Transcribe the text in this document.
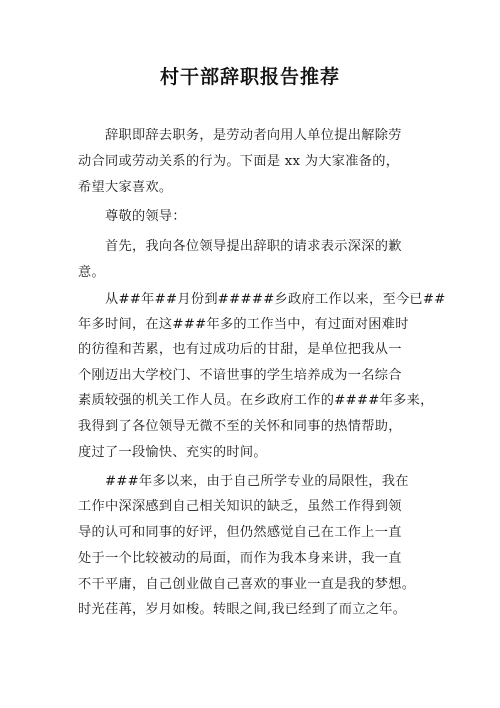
村干部辞职报告推荐
　　辞职即辞去职务，是劳动者向用人单位提出解除劳
动合同或劳动关系的行为。下面是 xx 为大家准备的，
希望大家喜欢。
　　尊敬的领导：
　　首先，我向各位领导提出辞职的请求表示深深的歉
意。
　　从##年##月份到#####乡政府工作以来，至今已##
年多时间，在这###年多的工作当中，有过面对困难时
的彷徨和苦累，也有过成功后的甘甜，是单位把我从一
个刚迈出大学校门、不谙世事的学生培养成为一名综合
素质较强的机关工作人员。在乡政府工作的####年多来，
我得到了各位领导无微不至的关怀和同事的热情帮助，
度过了一段愉快、充实的时间。
　　###年多以来，由于自己所学专业的局限性，我在
工作中深深感到自己相关知识的缺乏，虽然工作得到领
导的认可和同事的好评，但仍然感觉自己在工作上一直
处于一个比较被动的局面，而作为我本身来讲，我一直
不干平庸，自己创业做自己喜欢的事业一直是我的梦想。
时光荏苒，岁月如梭。转眼之间,我已经到了而立之年。
